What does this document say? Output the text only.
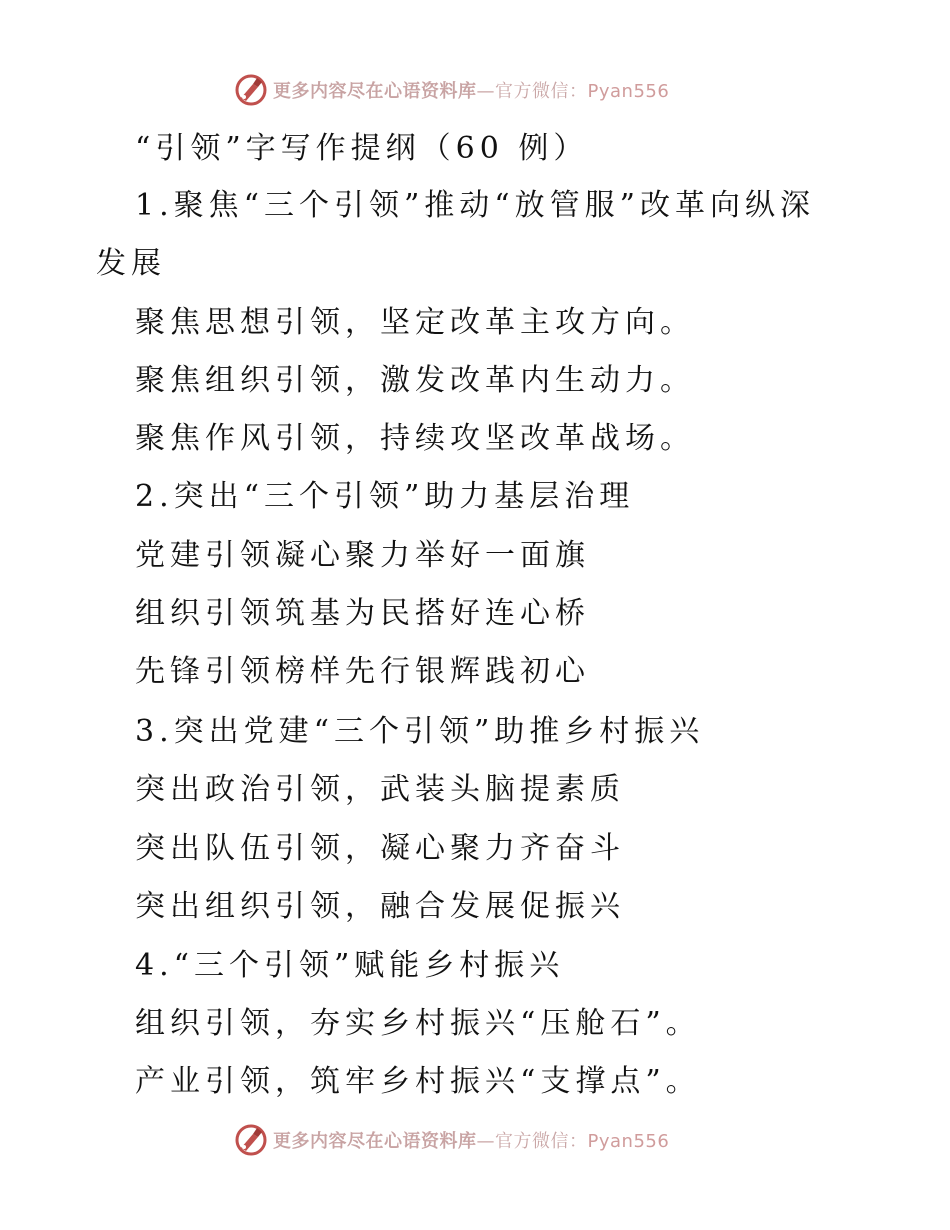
更多内容尽在心语资料库—官方微信：Pyan556
“引领”字写作提纲（60 例）
1.聚焦“三个引领”推动“放管服”改革向纵深
发展
聚焦思想引领，坚定改革主攻方向。
聚焦组织引领，激发改革内生动力。
聚焦作风引领，持续攻坚改革战场。
2.突出“三个引领”助力基层治理
党建引领凝心聚力举好一面旗
组织引领筑基为民搭好连心桥
先锋引领榜样先行银辉践初心
3.突出党建“三个引领”助推乡村振兴
突出政治引领，武装头脑提素质
突出队伍引领，凝心聚力齐奋斗
突出组织引领，融合发展促振兴
4.“三个引领”赋能乡村振兴
组织引领，夯实乡村振兴“压舱石”。
产业引领，筑牢乡村振兴“支撑点”。
更多内容尽在心语资料库—官方微信：Pyan556
